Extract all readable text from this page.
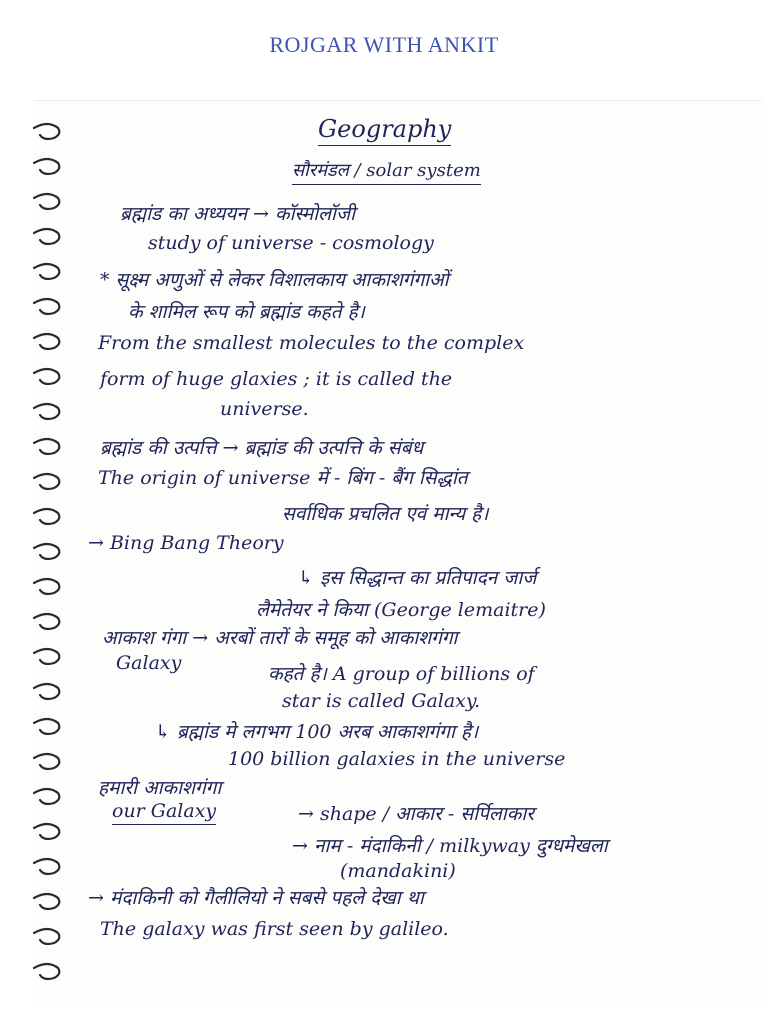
ROJGAR WITH ANKIT
Geography
सौरमंडल / solar system
ब्रह्मांड का अध्ययन → कॉस्मोलॉजी
study of universe - cosmology
* सूक्ष्म अणुओं से लेकर विशालकाय आकाशगंगाओं
के शामिल रूप को ब्रह्मांड कहते है।
From the smallest molecules to the complex
form of huge glaxies ; it is called the
universe.
ब्रह्मांड की उत्पत्ति → ब्रह्मांड की उत्पत्ति के संबंध
The origin of universe में - बिंग - बैंग सिद्धांत
सर्वाधिक प्रचलित एवं मान्य है।
→ Bing Bang Theory
↳ इस सिद्धान्त का प्रतिपादन जार्ज
लैमेतेयर ने किया (George lemaitre)
आकाश गंगा → अरबों तारों के समूह को आकाशगंगा
Galaxy	कहते है। A group of billions of
star is called Galaxy.
↳ ब्रह्मांड मे लगभग 100 अरब आकाशगंगा है।
100 billion galaxies in the universe
हमारी आकाशगंगा
our Galaxy	→ shape / आकार - सर्पिलाकार
→ नाम - मंदाकिनी / milkyway दुग्धमेखला
(mandakini)
→ मंदाकिनी को गैलीलियो ने सबसे पहले देखा था
The galaxy was first seen by galileo.
